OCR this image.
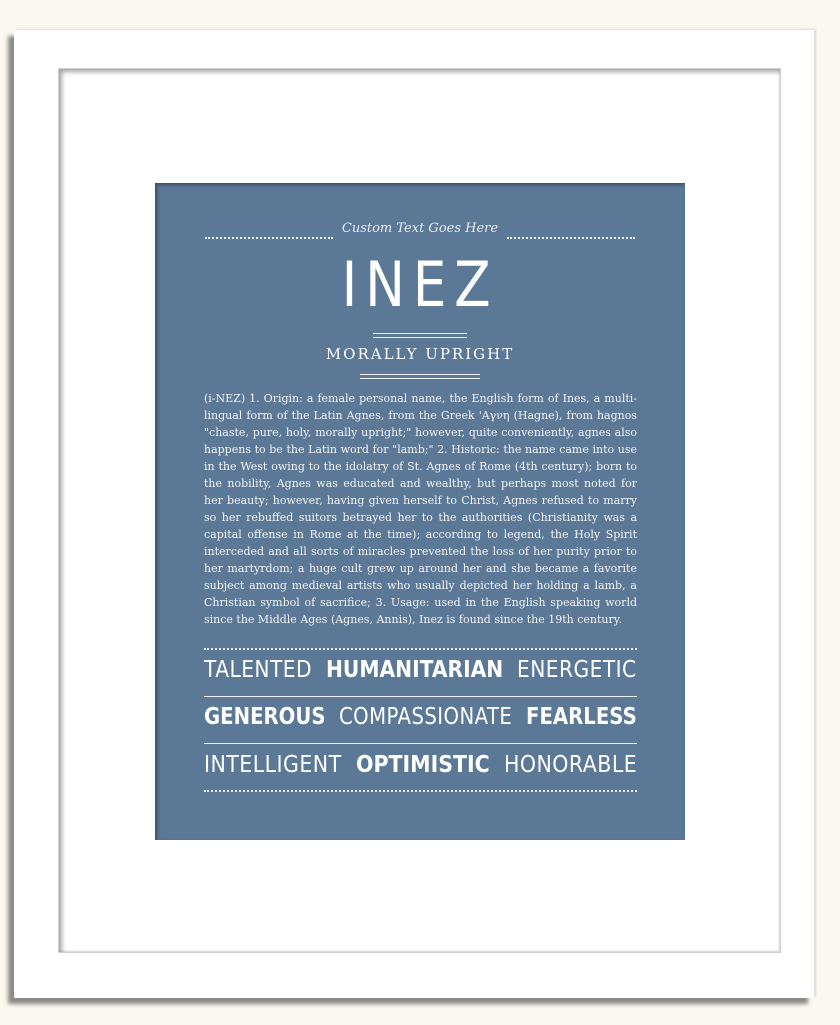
Custom Text Goes Here
INEZ
MORALLY UPRIGHT
(i-NEZ) 1. Origin: a female personal name, the English form of Ines, a multi-lingual form of the Latin Agnes, from the Greek 'Αγνη (Hagne), from hagnos "chaste, pure, holy, morally upright;" however, quite conveniently, agnes also happens to be the Latin word for "lamb;" 2. Historic: the name came into use in the West owing to the idolatry of St. Agnes of Rome (4th century); born to the nobility, Agnes was educated and wealthy, but perhaps most noted for her beauty; however, having given herself to Christ, Agnes refused to marry so her rebuffed suitors betrayed her to the authorities (Christianity was a capital offense in Rome at the time); according to legend, the Holy Spirit interceded and all sorts of miracles prevented the loss of her purity prior to her martyrdom; a huge cult grew up around her and she became a favorite subject among medieval artists who usually depicted her holding a lamb, a Christian symbol of sacrifice; 3. Usage: used in the English speaking world since the Middle Ages (Agnes, Annis), Inez is found since the 19th century.
TALENTED HUMANITARIAN ENERGETIC
GENEROUS COMPASSIONATE FEARLESS
INTELLIGENT OPTIMISTIC HONORABLE
